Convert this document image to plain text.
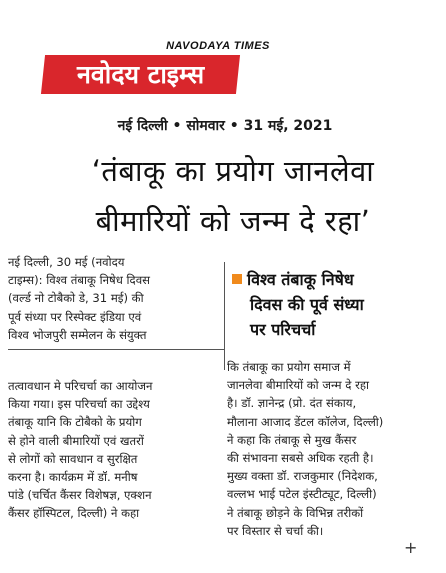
NAVODAYA TIMES
नवोदय टाइम्स
नई दिल्ली • सोमवार • 31 मई, 2021
‘तंबाकू का प्रयोग जानलेवा
बीमारियों को जन्म दे रहा’
नई दिल्ली, 30 मई (नवोदय
टाइम्स): विश्व तंबाकू निषेध दिवस
(वर्ल्ड नो टोबैको डे, 31 मई) की
पूर्व संध्या पर रिस्पेक्ट इंडिया एवं
विश्व भोजपुरी सम्मेलन के संयुक्त
विश्व तंबाकू निषेध
दिवस की पूर्व संध्या
पर परिचर्चा
तत्वावधान मे परिचर्चा का आयोजन
किया गया। इस परिचर्चा का उद्देश्य
तंबाकू यानि कि टोबैको के प्रयोग
से होने वाली बीमारियों एवं खतरों
से लोगों को सावधान व सुरक्षित
करना है। कार्यक्रम में डॉ. मनीष
पांडे (चर्चित कैंसर विशेषज्ञ, एक्शन
कैंसर हॉस्पिटल, दिल्ली) ने कहा
कि तंबाकू का प्रयोग समाज में
जानलेवा बीमारियों को जन्म दे रहा
है। डॉ. ज्ञानेन्द्र (प्रो. दंत संकाय,
मौलाना आजाद डेंटल कॉलेज, दिल्ली)
ने कहा कि तंबाकू से मुख कैंसर
की संभावना सबसे अधिक रहती है।
मुख्य वक्ता डॉ. राजकुमार (निदेशक,
वल्लभ भाई पटेल इंस्टीट्यूट, दिल्ली)
ने तंबाकू छोड़ने के विभिन्न तरीकों
पर विस्तार से चर्चा की।
+
